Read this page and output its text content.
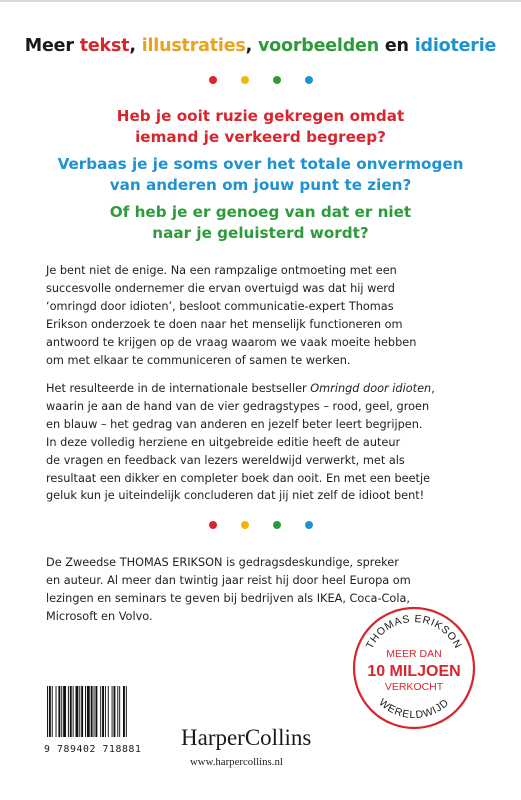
Meer tekst, illustraties, voorbeelden en idioterie
Heb je ooit ruzie gekregen omdat
iemand je verkeerd begreep?
Verbaas je je soms over het totale onvermogen
van anderen om jouw punt te zien?
Of heb je er genoeg van dat er niet
naar je geluisterd wordt?
Je bent niet de enige. Na een rampzalige ontmoeting met een
succesvolle ondernemer die ervan overtuigd was dat hij werd
‘omringd door idioten’, besloot communicatie-expert Thomas
Erikson onderzoek te doen naar het menselijk functioneren om
antwoord te krijgen op de vraag waarom we vaak moeite hebben
om met elkaar te communiceren of samen te werken.
Het resulteerde in de internationale bestseller Omringd door idioten,
waarin je aan de hand van de vier gedragstypes – rood, geel, groen
en blauw – het gedrag van anderen en jezelf beter leert begrijpen.
In deze volledig herziene en uitgebreide editie heeft de auteur
de vragen en feedback van lezers wereldwijd verwerkt, met als
resultaat een dikker en completer boek dan ooit. En met een beetje
geluk kun je uiteindelijk concluderen dat jij niet zelf de idioot bent!
De Zweedse THOMAS ERIKSON is gedragsdeskundige, spreker
en auteur. Al meer dan twintig jaar reist hij door heel Europa om
lezingen en seminars te geven bij bedrijven als IKEA, Coca-Cola,
Microsoft en Volvo.
THOMAS ERIKSON
MEER DAN
10 MILJOEN
VERKOCHT
WERELDWIJD
9 789402 718881	HarperCollins
www.harpercollins.nl
